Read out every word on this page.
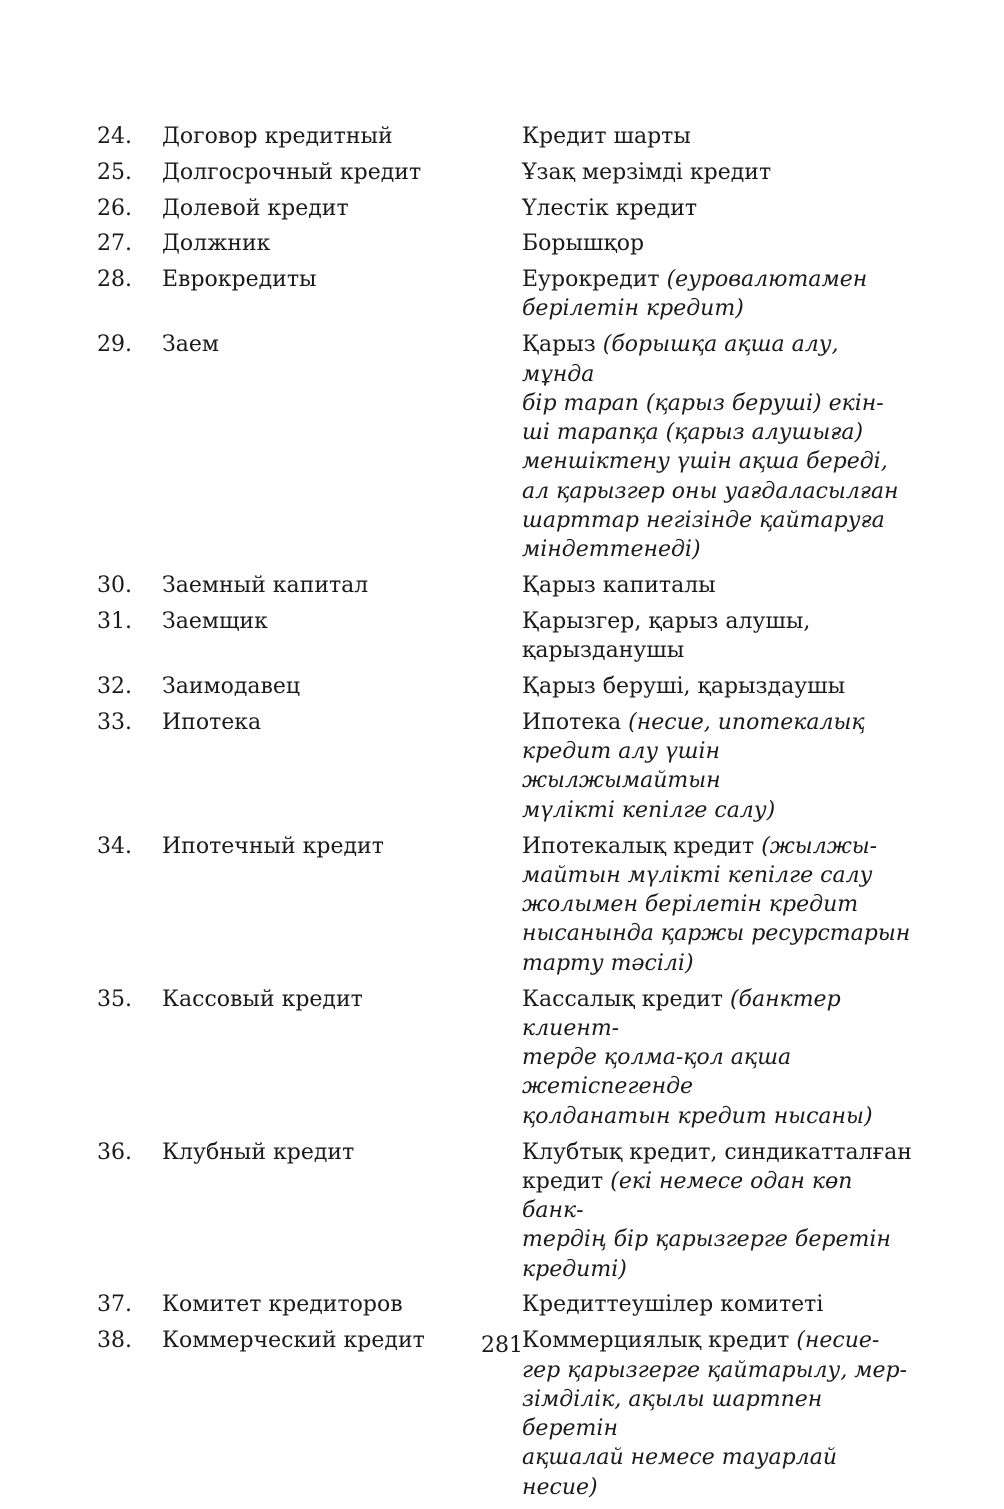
24.	Договор кредитный	Кредит шарты
25.	Долгосрочный кредит	Ұзақ мерзімді кредит
26.	Долевой кредит	Үлестік кредит
27.	Должник	Борышқор
28.	Еврокредиты	Еурокредит (еуровалютамен
берілетін кредит)
29.	Заем	Қарыз (борышқа ақша алу, мұнда
бір тарап (қарыз беруші) екін-
ші тарапқа (қарыз алушыға)
меншіктену үшін ақша береді,
ал қарызгер оны уағдаласылған
шарттар негізінде қайтаруға
міндеттенеді)
30.	Заемный капитал	Қарыз капиталы
31.	Заемщик	Қарызгер, қарыз алушы,
қарызданушы
32.	Заимодавец	Қарыз беруші, қарыздаушы
33.	Ипотека	Ипотека (несие, ипотекалық
кредит алу үшін жылжымайтын
мүлікті кепілге салу)
34.	Ипотечный кредит	Ипотекалық кредит (жылжы-
майтын мүлікті кепілге салу
жолымен берілетін кредит
нысанында қаржы ресурстарын
тарту тәсілі)
35.	Кассовый кредит	Кассалық кредит (банктер клиент-
терде қолма-қол ақша жетіспегенде
қолданатын кредит нысаны)
36.	Клубный кредит	Клубтық кредит, синдикатталған
кредит (екі немесе одан көп банк-
тердің бір қарызгерге беретін
кредиті)
37.	Комитет кредиторов	Кредиттеушілер комитеті
38.	Коммерческий кредит	Коммерциялық кредит (несие-
гер қарызгерге қайтарылу, мер-
зімділік, ақылы шартпен беретін
ақшалай немесе тауарлай несие)
281
